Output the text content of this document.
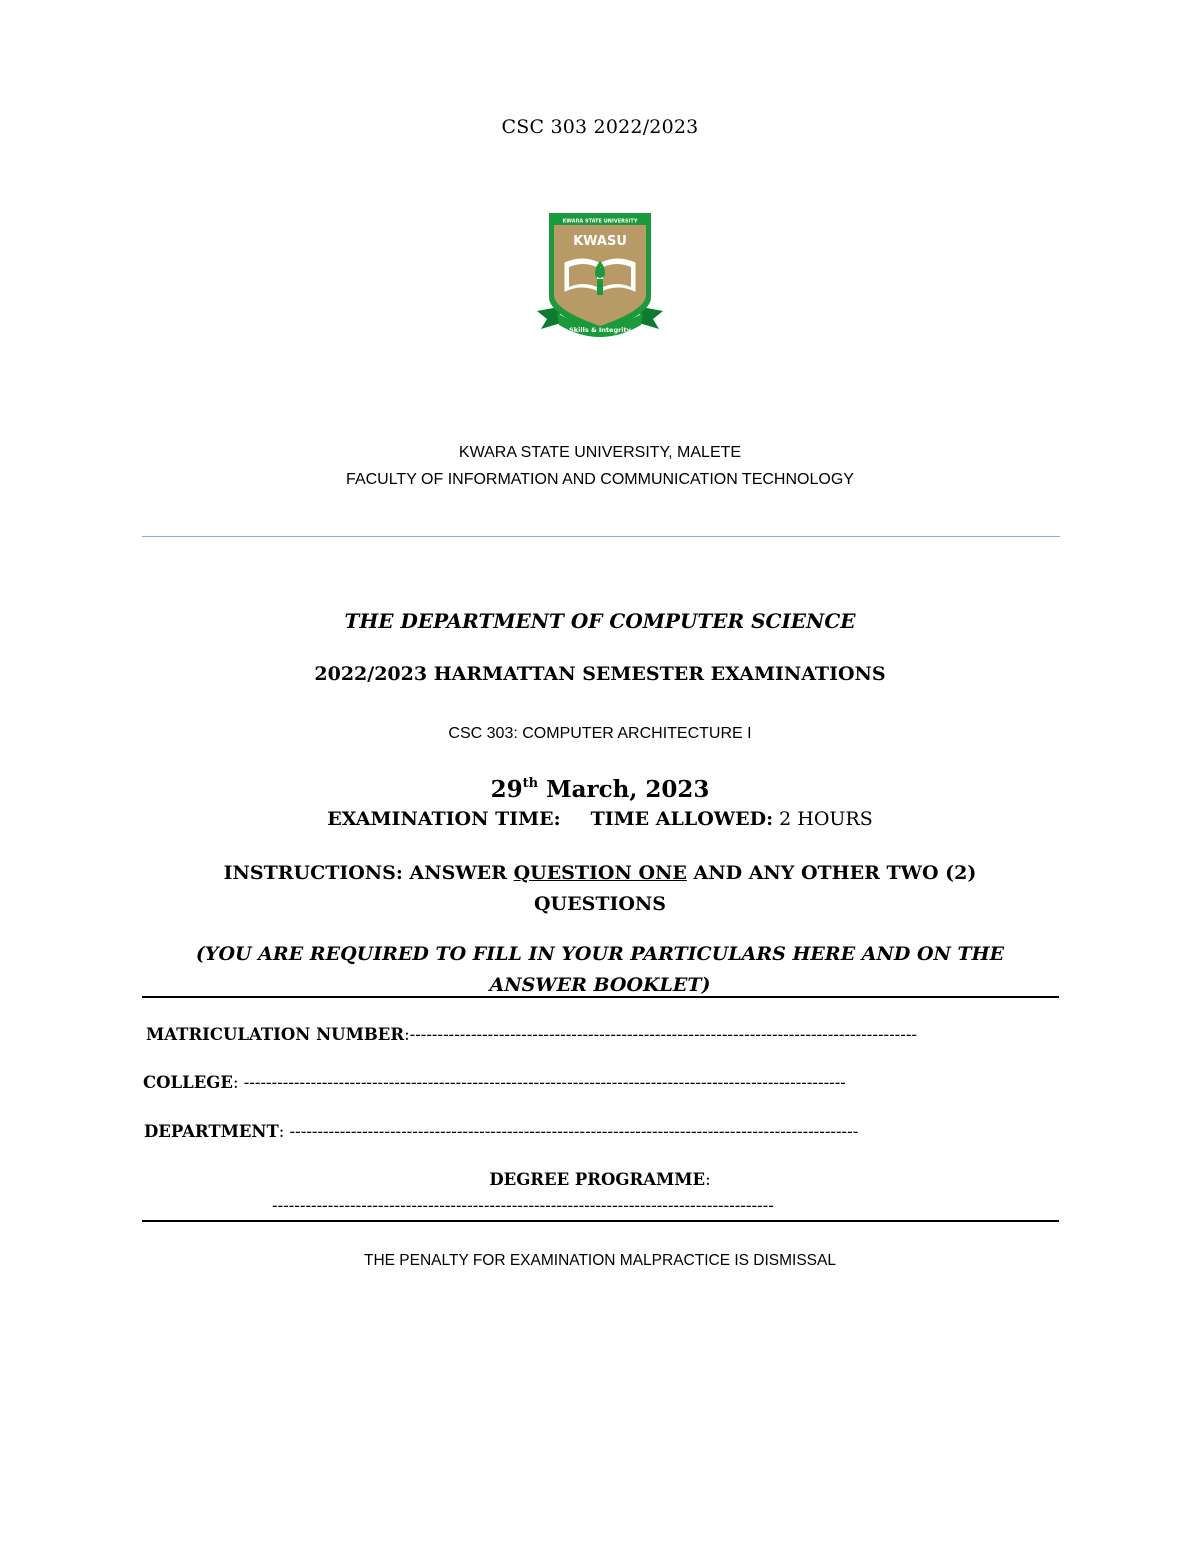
CSC 303 2022/2023
KWARA STATE UNIVERSITY
KWASU
Skills & Integrity
KWARA STATE UNIVERSITY, MALETE
FACULTY OF INFORMATION AND COMMUNICATION TECHNOLOGY
THE DEPARTMENT OF COMPUTER SCIENCE
2022/2023 HARMATTAN SEMESTER EXAMINATIONS
CSC 303: COMPUTER ARCHITECTURE I
29th March, 2023
EXAMINATION TIME: TIME ALLOWED: 2 HOURS
INSTRUCTIONS: ANSWER QUESTION ONE AND ANY OTHER TWO (2) QUESTIONS
(YOU ARE REQUIRED TO FILL IN YOUR PARTICULARS HERE AND ON THE ANSWER BOOKLET)
MATRICULATION NUMBER:-------------------------------------------------------------------------------------------
COLLEGE: ------------------------------------------------------------------------------------------------------------
DEPARTMENT: ------------------------------------------------------------------------------------------------------
DEGREE PROGRAMME:
------------------------------------------------------------------------------------------
THE PENALTY FOR EXAMINATION MALPRACTICE IS DISMISSAL
